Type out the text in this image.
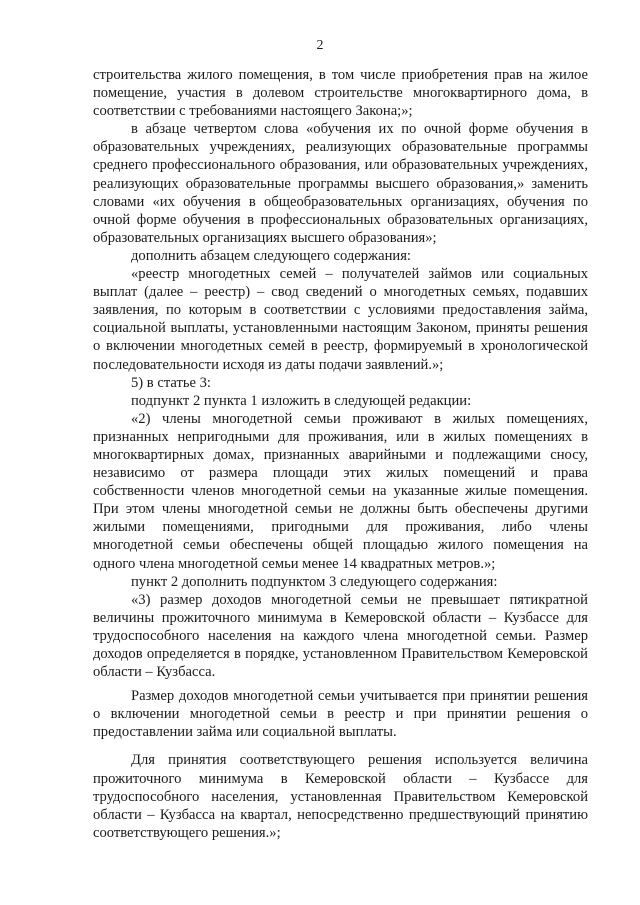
2

строительства жилого помещения, в том числе приобретения прав на жилое помещение, участия в долевом строительстве многоквартирного дома, в соответствии с требованиями настоящего Закона;»;

в абзаце четвертом слова «обучения их по очной форме обучения в образовательных учреждениях, реализующих образовательные программы среднего профессионального образования, или образовательных учреждениях, реализующих образовательные программы высшего образования,» заменить словами «их обучения в общеобразовательных организациях, обучения по очной форме обучения в профессиональных образовательных организациях, образовательных организациях высшего образования»;

дополнить абзацем следующего содержания:

«реестр многодетных семей – получателей займов или социальных выплат (далее – реестр) – свод сведений о многодетных семьях, подавших заявления, по которым в соответствии с условиями предоставления займа, социальной выплаты, установленными настоящим Законом, приняты решения о включении многодетных семей в реестр, формируемый в хронологической последовательности исходя из даты подачи заявлений.»;

5) в статье 3:

подпункт 2 пункта 1 изложить в следующей редакции:

«2) члены многодетной семьи проживают в жилых помещениях, признанных непригодными для проживания, или в жилых помещениях в многоквартирных домах, признанных аварийными и подлежащими сносу, независимо от размера площади этих жилых помещений и права собственности членов многодетной семьи на указанные жилые помещения. При этом члены многодетной семьи не должны быть обеспечены другими жилыми помещениями, пригодными для проживания, либо члены многодетной семьи обеспечены общей площадью жилого помещения на одного члена многодетной семьи менее 14 квадратных метров.»;

пункт 2 дополнить подпунктом 3 следующего содержания:

«3) размер доходов многодетной семьи не превышает пятикратной величины прожиточного минимума в Кемеровской области – Кузбассе для трудоспособного населения на каждого члена многодетной семьи. Размер доходов определяется в порядке, установленном Правительством Кемеровской области – Кузбасса.

Размер доходов многодетной семьи учитывается при принятии решения о включении многодетной семьи в реестр и при принятии решения о предоставлении займа или социальной выплаты.

Для принятия соответствующего решения используется величина прожиточного минимума в Кемеровской области – Кузбассе для трудоспособного населения, установленная Правительством Кемеровской области – Кузбасса на квартал, непосредственно предшествующий принятию соответствующего решения.»;
